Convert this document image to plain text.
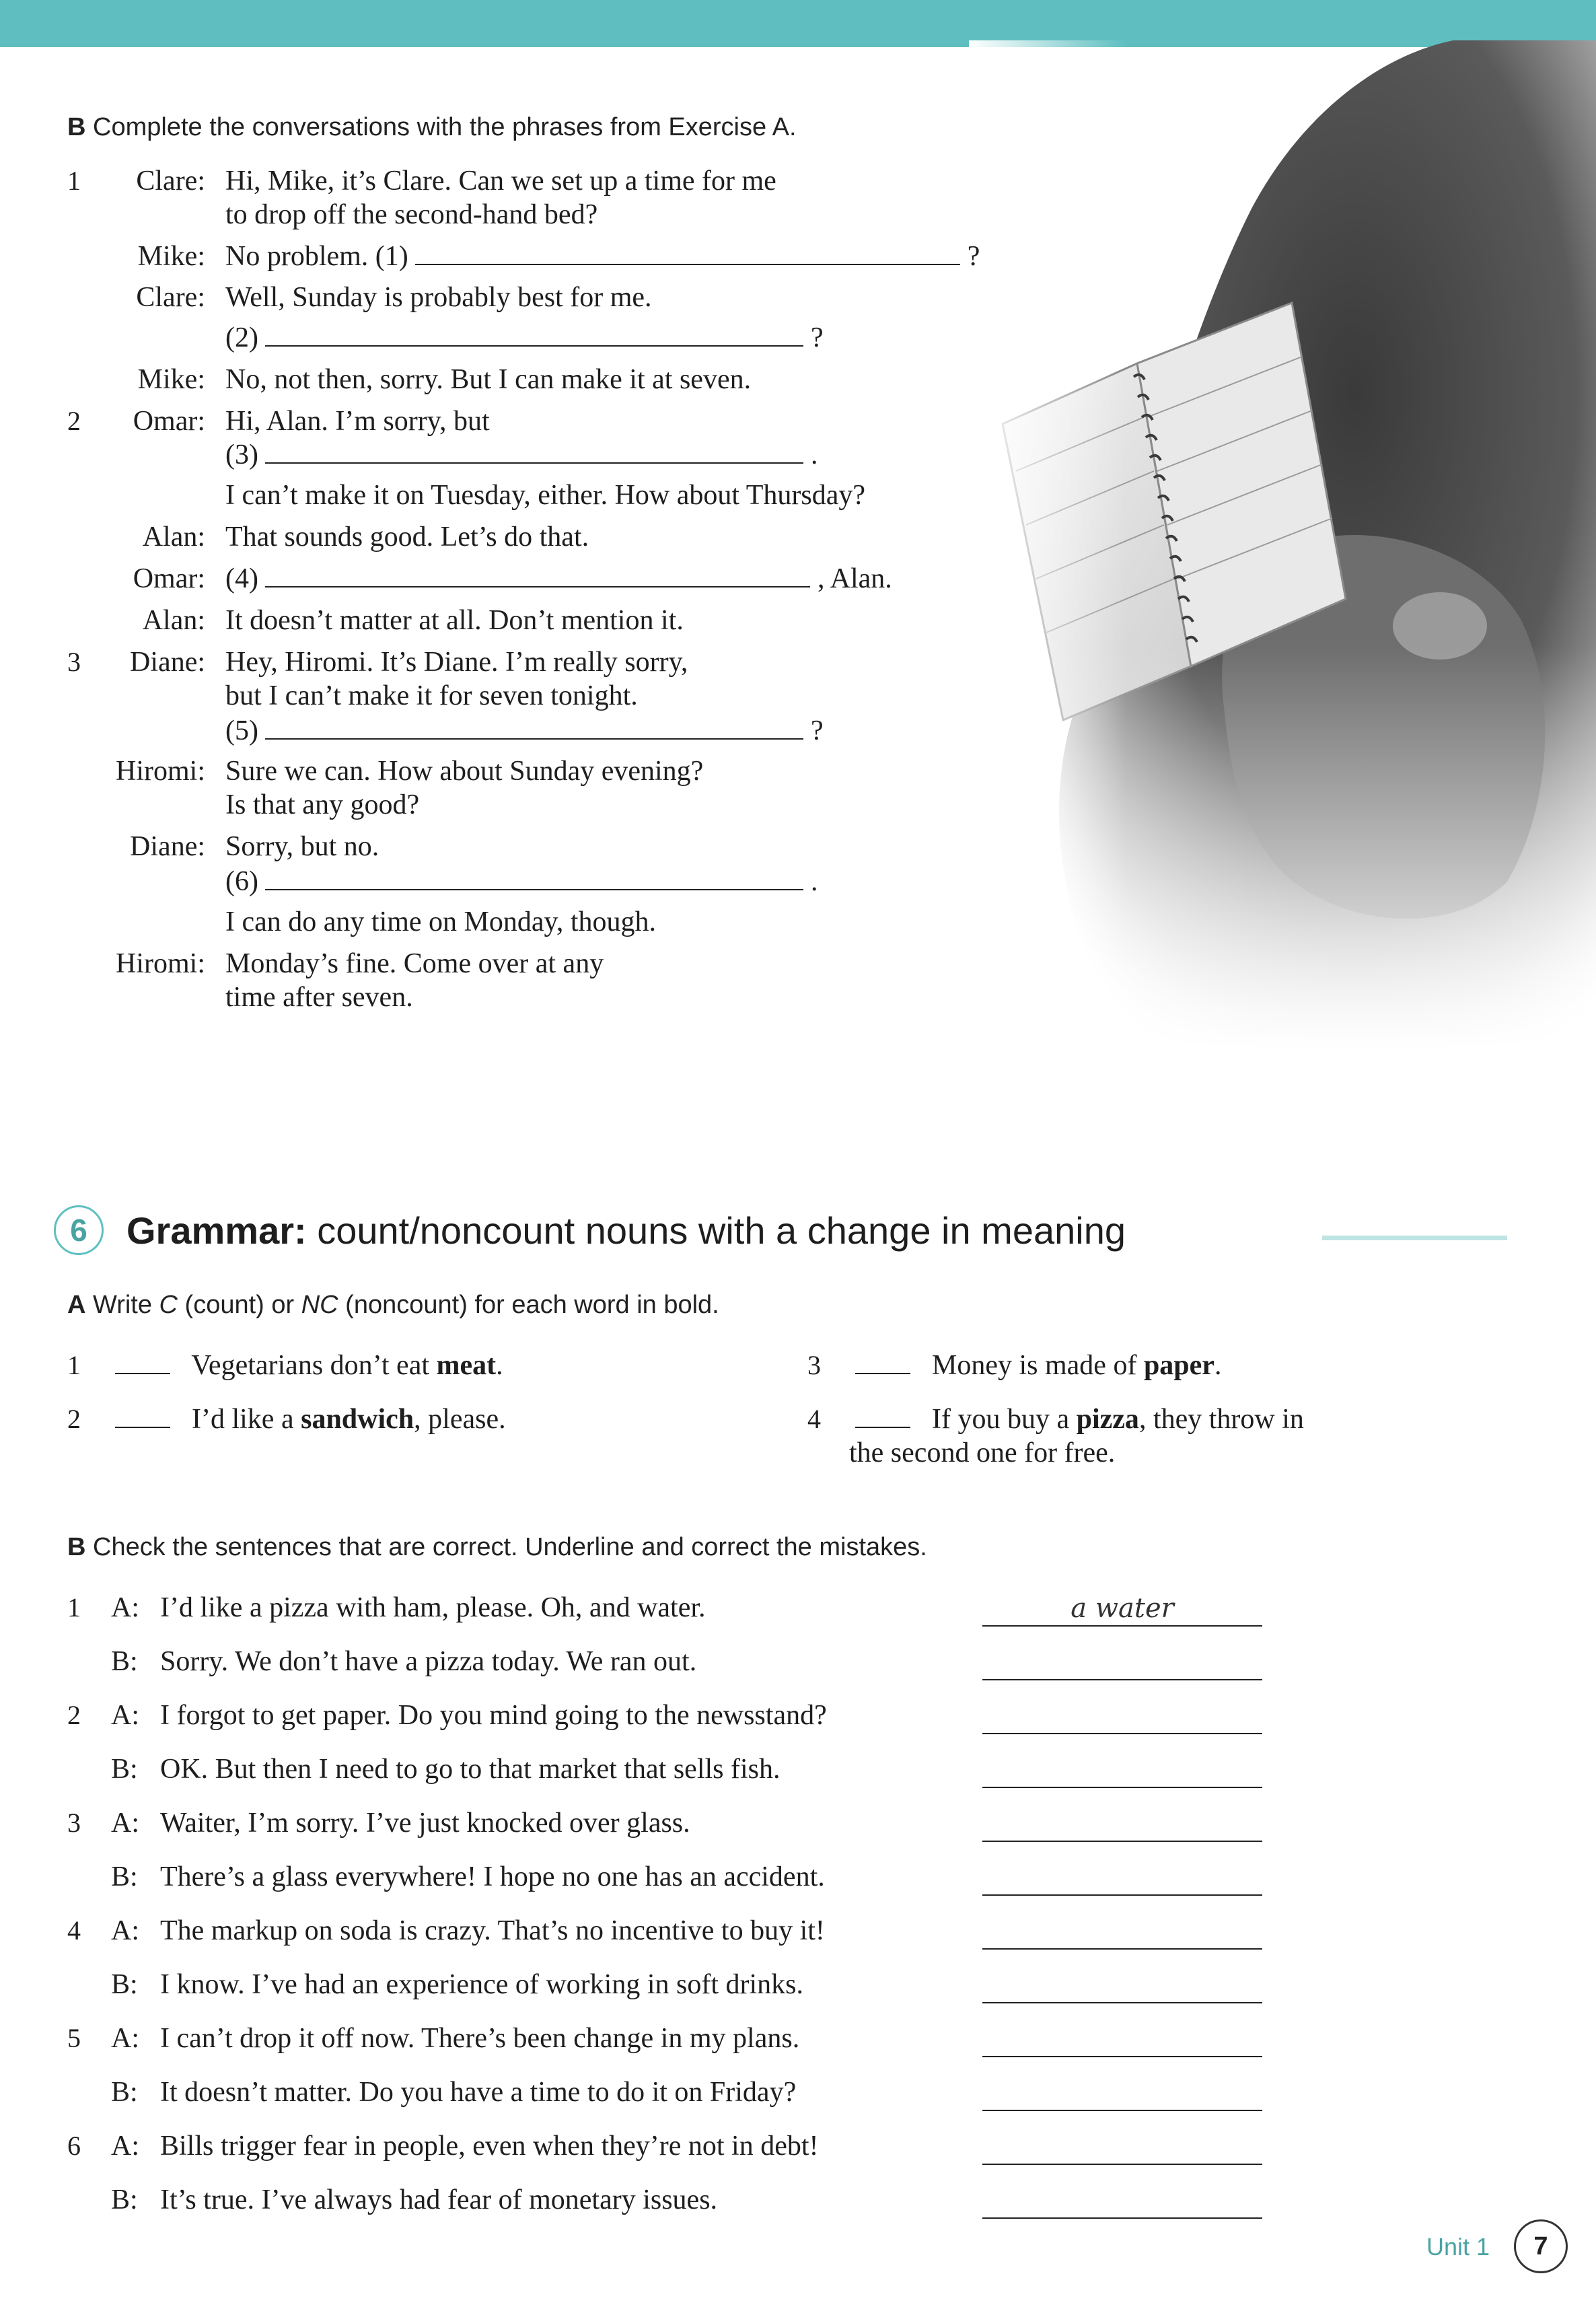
B Complete the conversations with the phrases from Exercise A.
1	Clare: Hi, Mike, it’s Clare. Can we set up a time for me
to drop off the second-hand bed?
Mike: No problem. (1)	?
Clare: Well, Sunday is probably best for me.
(2)	?
Mike: No, not then, sorry. But I can make it at seven.
2	Omar: Hi, Alan. I’m sorry, but
(3)	.
I can’t make it on Tuesday, either. How about Thursday?
Alan: That sounds good. Let’s do that.
Omar: (4)	, Alan.
Alan: It doesn’t matter at all. Don’t mention it.
3	Diane: Hey, Hiromi. It’s Diane. I’m really sorry,
but I can’t make it for seven tonight.
(5)	?
Hiromi: Sure we can. How about Sunday evening?
Is that any good?
Diane: Sorry, but no.
(6)	.
I can do any time on Monday, though.
Hiromi: Monday’s fine. Come over at any
time after seven.
6	Grammar: count/noncount nouns with a change in meaning
A Write C (count) or NC (noncount) for each word in bold.
1	Vegetarians don’t eat meat.
2	I’d like a sandwich, please.
3	Money is made of paper.
4	If you buy a pizza, they throw in
the second one for free.
B Check the sentences that are correct. Underline and correct the mistakes.
1 A: I’d like a pizza with ham, please. Oh, and water.	a water
B: Sorry. We don’t have a pizza today. We ran out.
2 A: I forgot to get paper. Do you mind going to the newsstand?
B: OK. But then I need to go to that market that sells fish.
3 A: Waiter, I’m sorry. I’ve just knocked over glass.
B: There’s a glass everywhere! I hope no one has an accident.
4 A: The markup on soda is crazy. That’s no incentive to buy it!
B: I know. I’ve had an experience of working in soft drinks.
5 A: I can’t drop it off now. There’s been change in my plans.
B: It doesn’t matter. Do you have a time to do it on Friday?
6 A: Bills trigger fear in people, even when they’re not in debt!
B: It’s true. I’ve always had fear of monetary issues.
Unit 1	7
